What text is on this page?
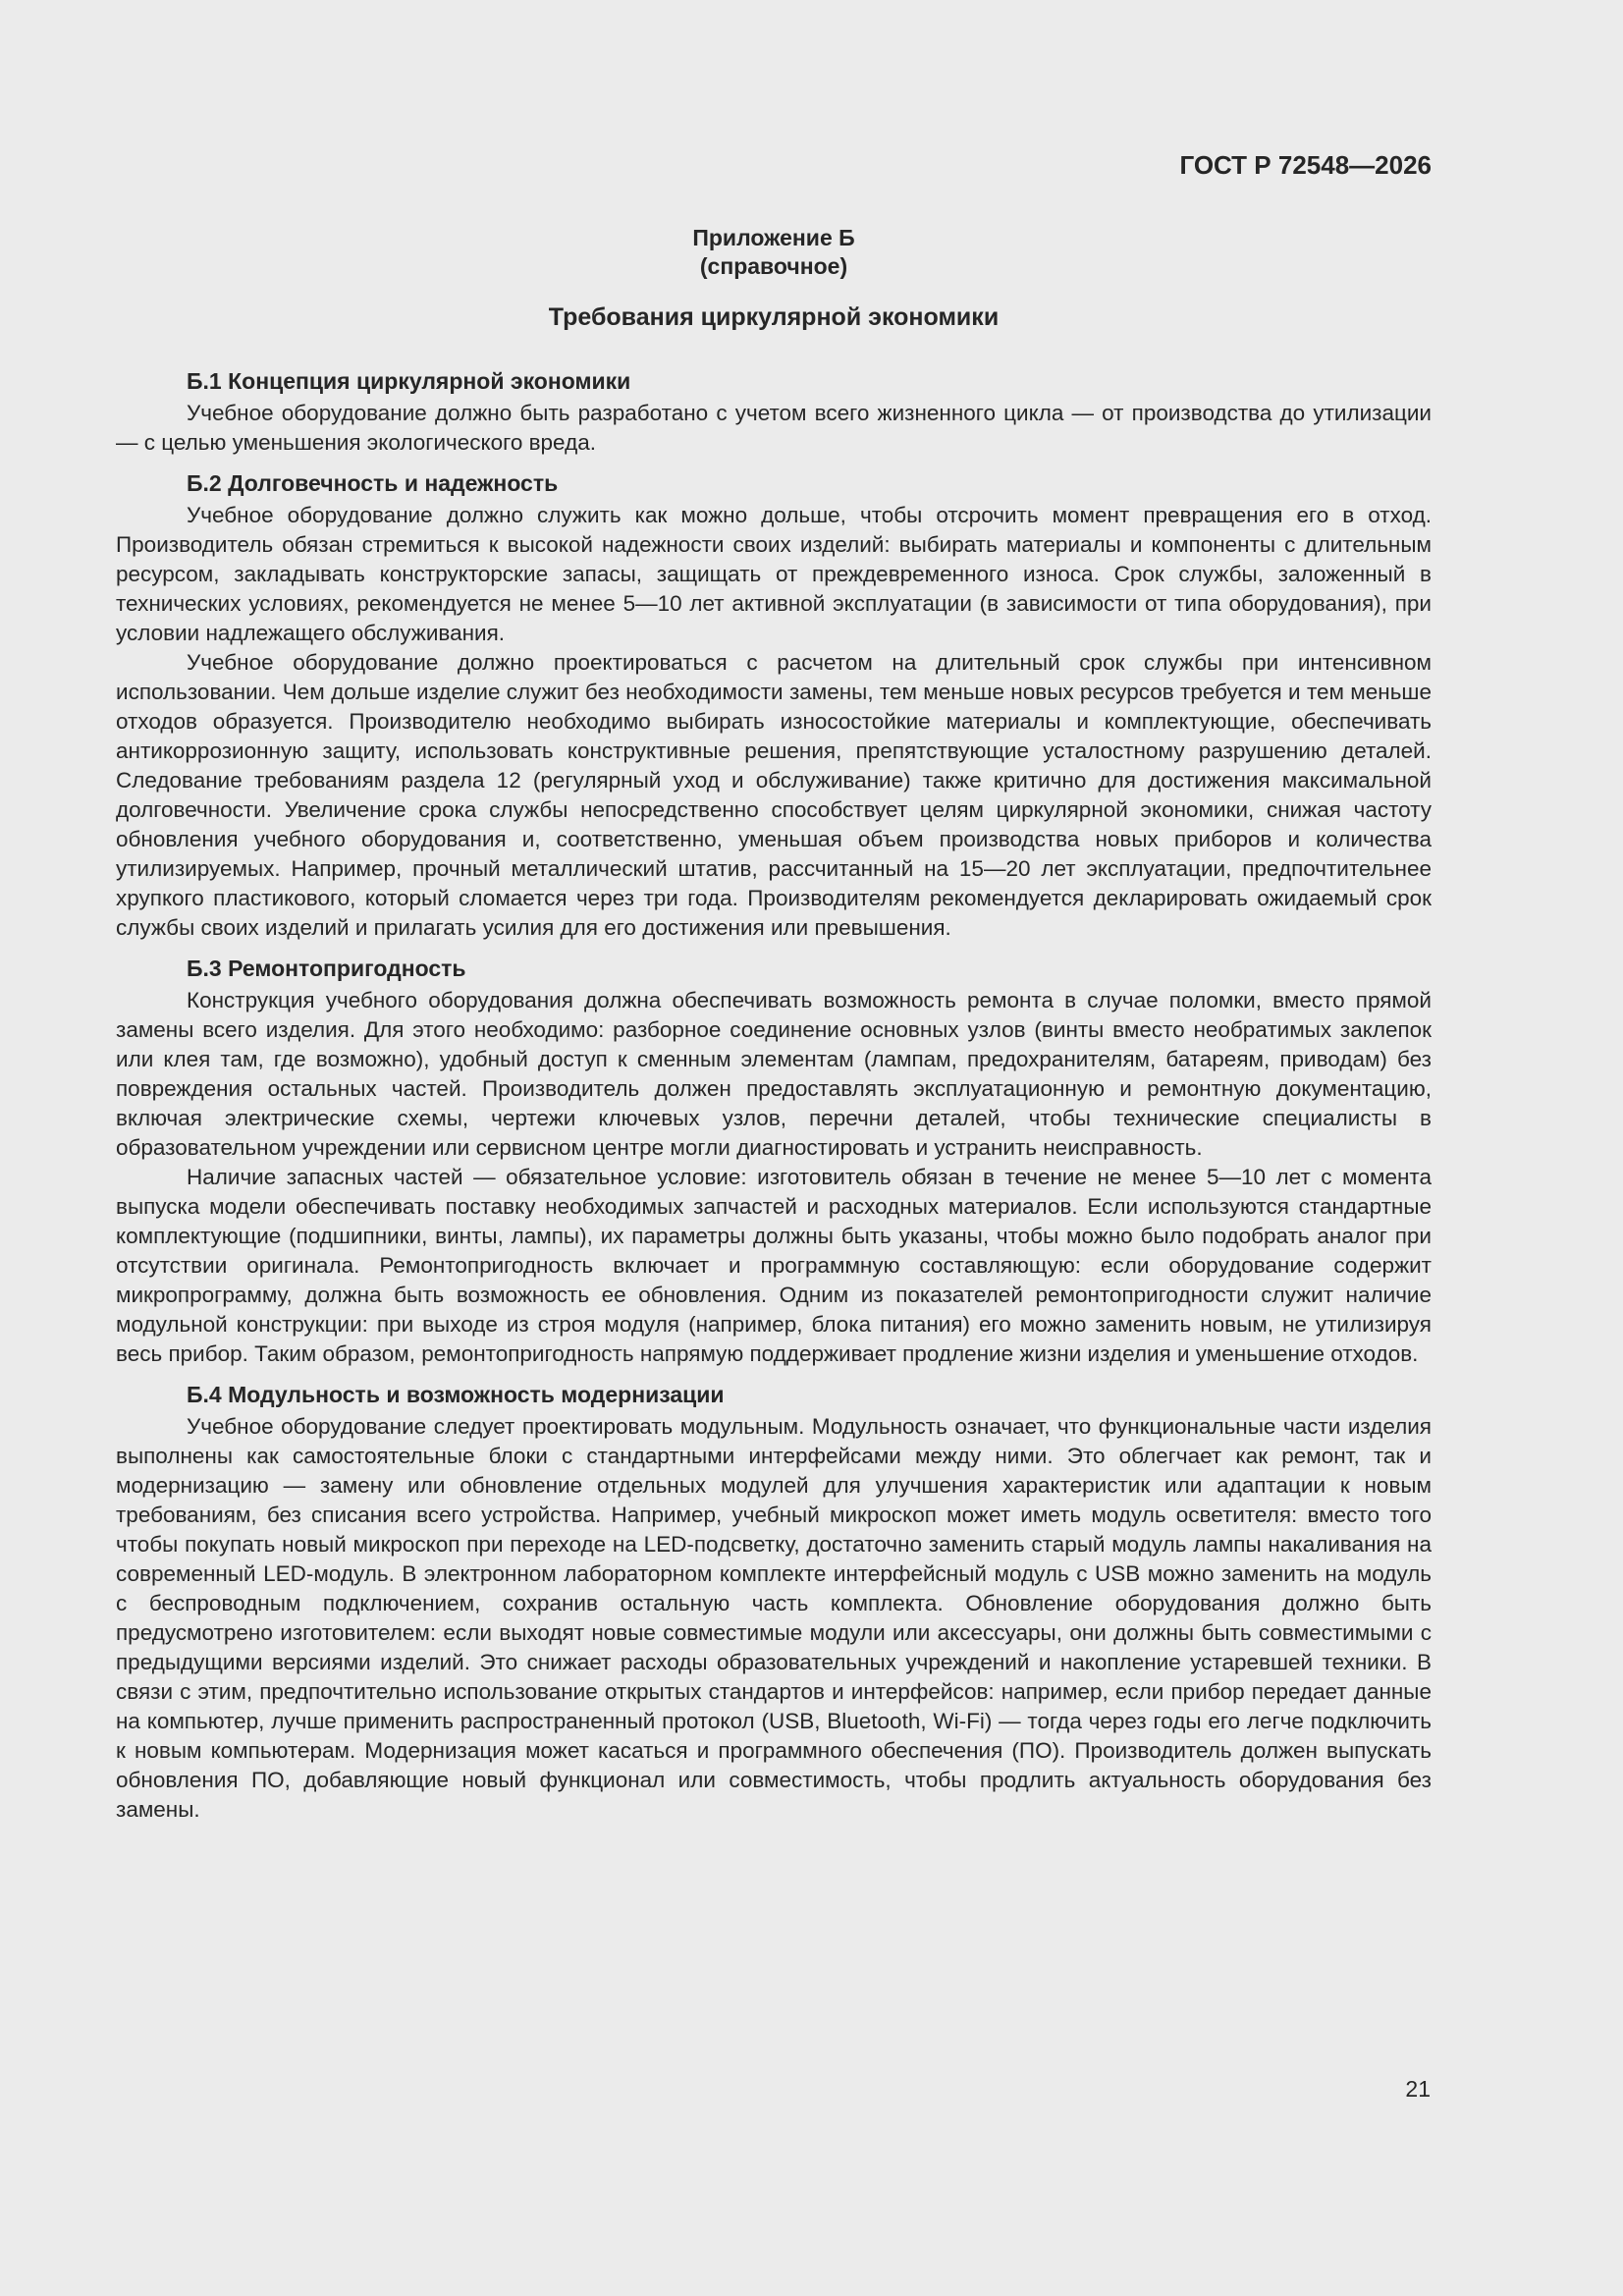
ГОСТ Р 72548—2026
Приложение Б
(справочное)
Требования циркулярной экономики
Б.1 Концепция циркулярной экономики

Учебное оборудование должно быть разработано с учетом всего жизненного цикла — от производства до утилизации — с целью уменьшения экологического вреда.

Б.2 Долговечность и надежность

Учебное оборудование должно служить как можно дольше, чтобы отсрочить момент превращения его в отход. Производитель обязан стремиться к высокой надежности своих изделий: выбирать материалы и компоненты с длительным ресурсом, закладывать конструкторские запасы, защищать от преждевременного износа. Срок службы, заложенный в технических условиях, рекомендуется не менее 5—10 лет активной эксплуатации (в зависимости от типа оборудования), при условии надлежащего обслуживания.

Учебное оборудование должно проектироваться с расчетом на длительный срок службы при интенсивном использовании. Чем дольше изделие служит без необходимости замены, тем меньше новых ресурсов требуется и тем меньше отходов образуется. Производителю необходимо выбирать износостойкие материалы и комплектующие, обеспечивать антикоррозионную защиту, использовать конструктивные решения, препятствующие усталостному разрушению деталей. Следование требованиям раздела 12 (регулярный уход и обслуживание) также критично для достижения максимальной долговечности. Увеличение срока службы непосредственно способствует целям циркулярной экономики, снижая частоту обновления учебного оборудования и, соответственно, уменьшая объем производства новых приборов и количества утилизируемых. Например, прочный металлический штатив, рассчитанный на 15—20 лет эксплуатации, предпочтительнее хрупкого пластикового, который сломается через три года. Производителям рекомендуется декларировать ожидаемый срок службы своих изделий и прилагать усилия для его достижения или превышения.

Б.3 Ремонтопригодность

Конструкция учебного оборудования должна обеспечивать возможность ремонта в случае поломки, вместо прямой замены всего изделия. Для этого необходимо: разборное соединение основных узлов (винты вместо необратимых заклепок или клея там, где возможно), удобный доступ к сменным элементам (лампам, предохранителям, батареям, приводам) без повреждения остальных частей. Производитель должен предоставлять эксплуатационную и ремонтную документацию, включая электрические схемы, чертежи ключевых узлов, перечни деталей, чтобы технические специалисты в образовательном учреждении или сервисном центре могли диагностировать и устранить неисправность.

Наличие запасных частей — обязательное условие: изготовитель обязан в течение не менее 5—10 лет с момента выпуска модели обеспечивать поставку необходимых запчастей и расходных материалов. Если используются стандартные комплектующие (подшипники, винты, лампы), их параметры должны быть указаны, чтобы можно было подобрать аналог при отсутствии оригинала. Ремонтопригодность включает и программную составляющую: если оборудование содержит микропрограмму, должна быть возможность ее обновления. Одним из показателей ремонтопригодности служит наличие модульной конструкции: при выходе из строя модуля (например, блока питания) его можно заменить новым, не утилизируя весь прибор. Таким образом, ремонтопригодность напрямую поддерживает продление жизни изделия и уменьшение отходов.

Б.4 Модульность и возможность модернизации

Учебное оборудование следует проектировать модульным. Модульность означает, что функциональные части изделия выполнены как самостоятельные блоки с стандартными интерфейсами между ними. Это облегчает как ремонт, так и модернизацию — замену или обновление отдельных модулей для улучшения характеристик или адаптации к новым требованиям, без списания всего устройства. Например, учебный микроскоп может иметь модуль осветителя: вместо того чтобы покупать новый микроскоп при переходе на LED-подсветку, достаточно заменить старый модуль лампы накаливания на современный LED-модуль. В электронном лабораторном комплекте интерфейсный модуль с USB можно заменить на модуль с беспроводным подключением, сохранив остальную часть комплекта. Обновление оборудования должно быть предусмотрено изготовителем: если выходят новые совместимые модули или аксессуары, они должны быть совместимыми с предыдущими версиями изделий. Это снижает расходы образовательных учреждений и накопление устаревшей техники. В связи с этим, предпочтительно использование открытых стандартов и интерфейсов: например, если прибор передает данные на компьютер, лучше применить распространенный протокол (USB, Bluetooth, Wi-Fi) — тогда через годы его легче подключить к новым компьютерам. Модернизация может касаться и программного обеспечения (ПО). Производитель должен выпускать обновления ПО, добавляющие новый функционал или совместимость, чтобы продлить актуальность оборудования без замены.

21
